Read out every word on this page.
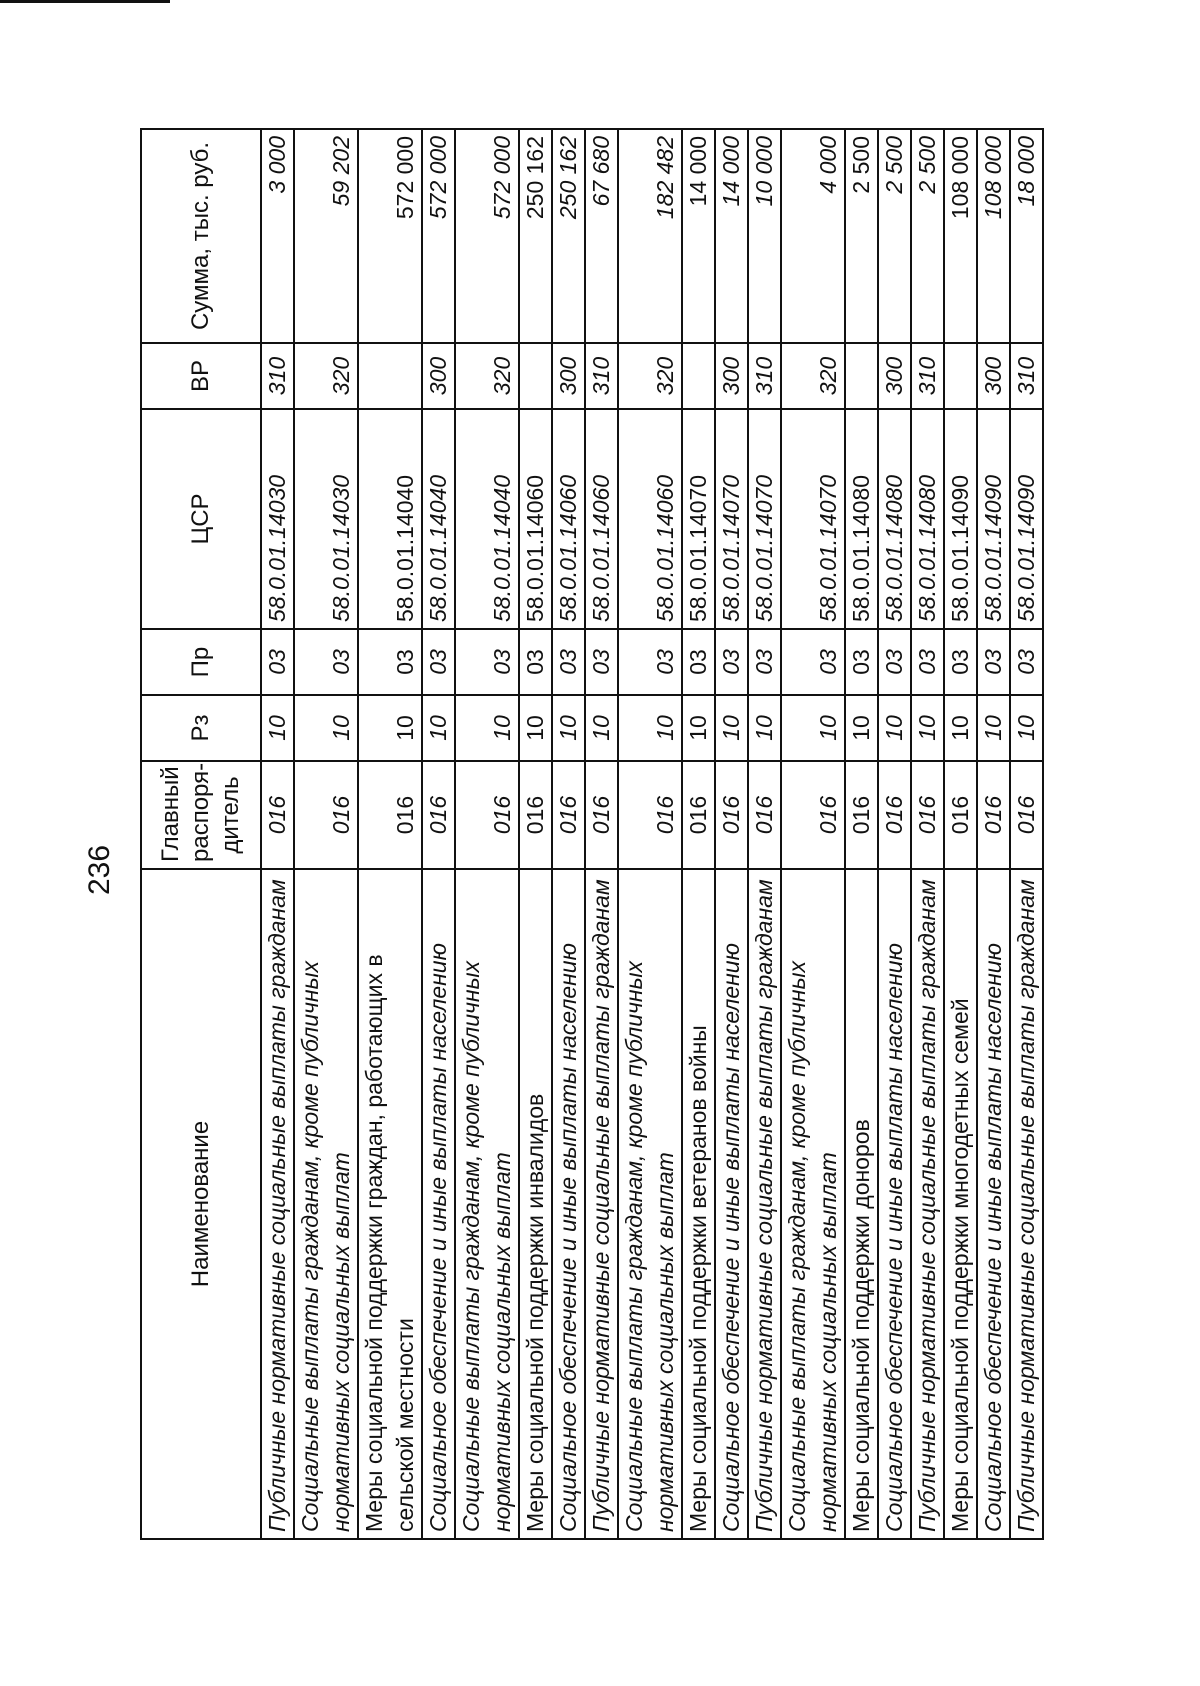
236
Наименование	Главный распоря-дитель	Рз	Пр	ЦСР	ВР	Сумма, тыс. руб.
Публичные нормативные социальные выплаты гражданам	016	10	03	58.0.01.14030	310	3 000
Социальные выплаты гражданам, кроме публичных нормативных социальных выплат	016	10	03	58.0.01.14030	320	59 202
Меры социальной поддержки граждан, работающих в сельской местности	016	10	03	58.0.01.14040		572 000
Социальное обеспечение и иные выплаты населению	016	10	03	58.0.01.14040	300	572 000
Социальные выплаты гражданам, кроме публичных нормативных социальных выплат	016	10	03	58.0.01.14040	320	572 000
Меры социальной поддержки инвалидов	016	10	03	58.0.01.14060		250 162
Социальное обеспечение и иные выплаты населению	016	10	03	58.0.01.14060	300	250 162
Публичные нормативные социальные выплаты гражданам	016	10	03	58.0.01.14060	310	67 680
Социальные выплаты гражданам, кроме публичных нормативных социальных выплат	016	10	03	58.0.01.14060	320	182 482
Меры социальной поддержки ветеранов войны	016	10	03	58.0.01.14070		14 000
Социальное обеспечение и иные выплаты населению	016	10	03	58.0.01.14070	300	14 000
Публичные нормативные социальные выплаты гражданам	016	10	03	58.0.01.14070	310	10 000
Социальные выплаты гражданам, кроме публичных нормативных социальных выплат	016	10	03	58.0.01.14070	320	4 000
Меры социальной поддержки доноров	016	10	03	58.0.01.14080		2 500
Социальное обеспечение и иные выплаты населению	016	10	03	58.0.01.14080	300	2 500
Публичные нормативные социальные выплаты гражданам	016	10	03	58.0.01.14080	310	2 500
Меры социальной поддержки многодетных семей	016	10	03	58.0.01.14090		108 000
Социальное обеспечение и иные выплаты населению	016	10	03	58.0.01.14090	300	108 000
Публичные нормативные социальные выплаты гражданам	016	10	03	58.0.01.14090	310	18 000
